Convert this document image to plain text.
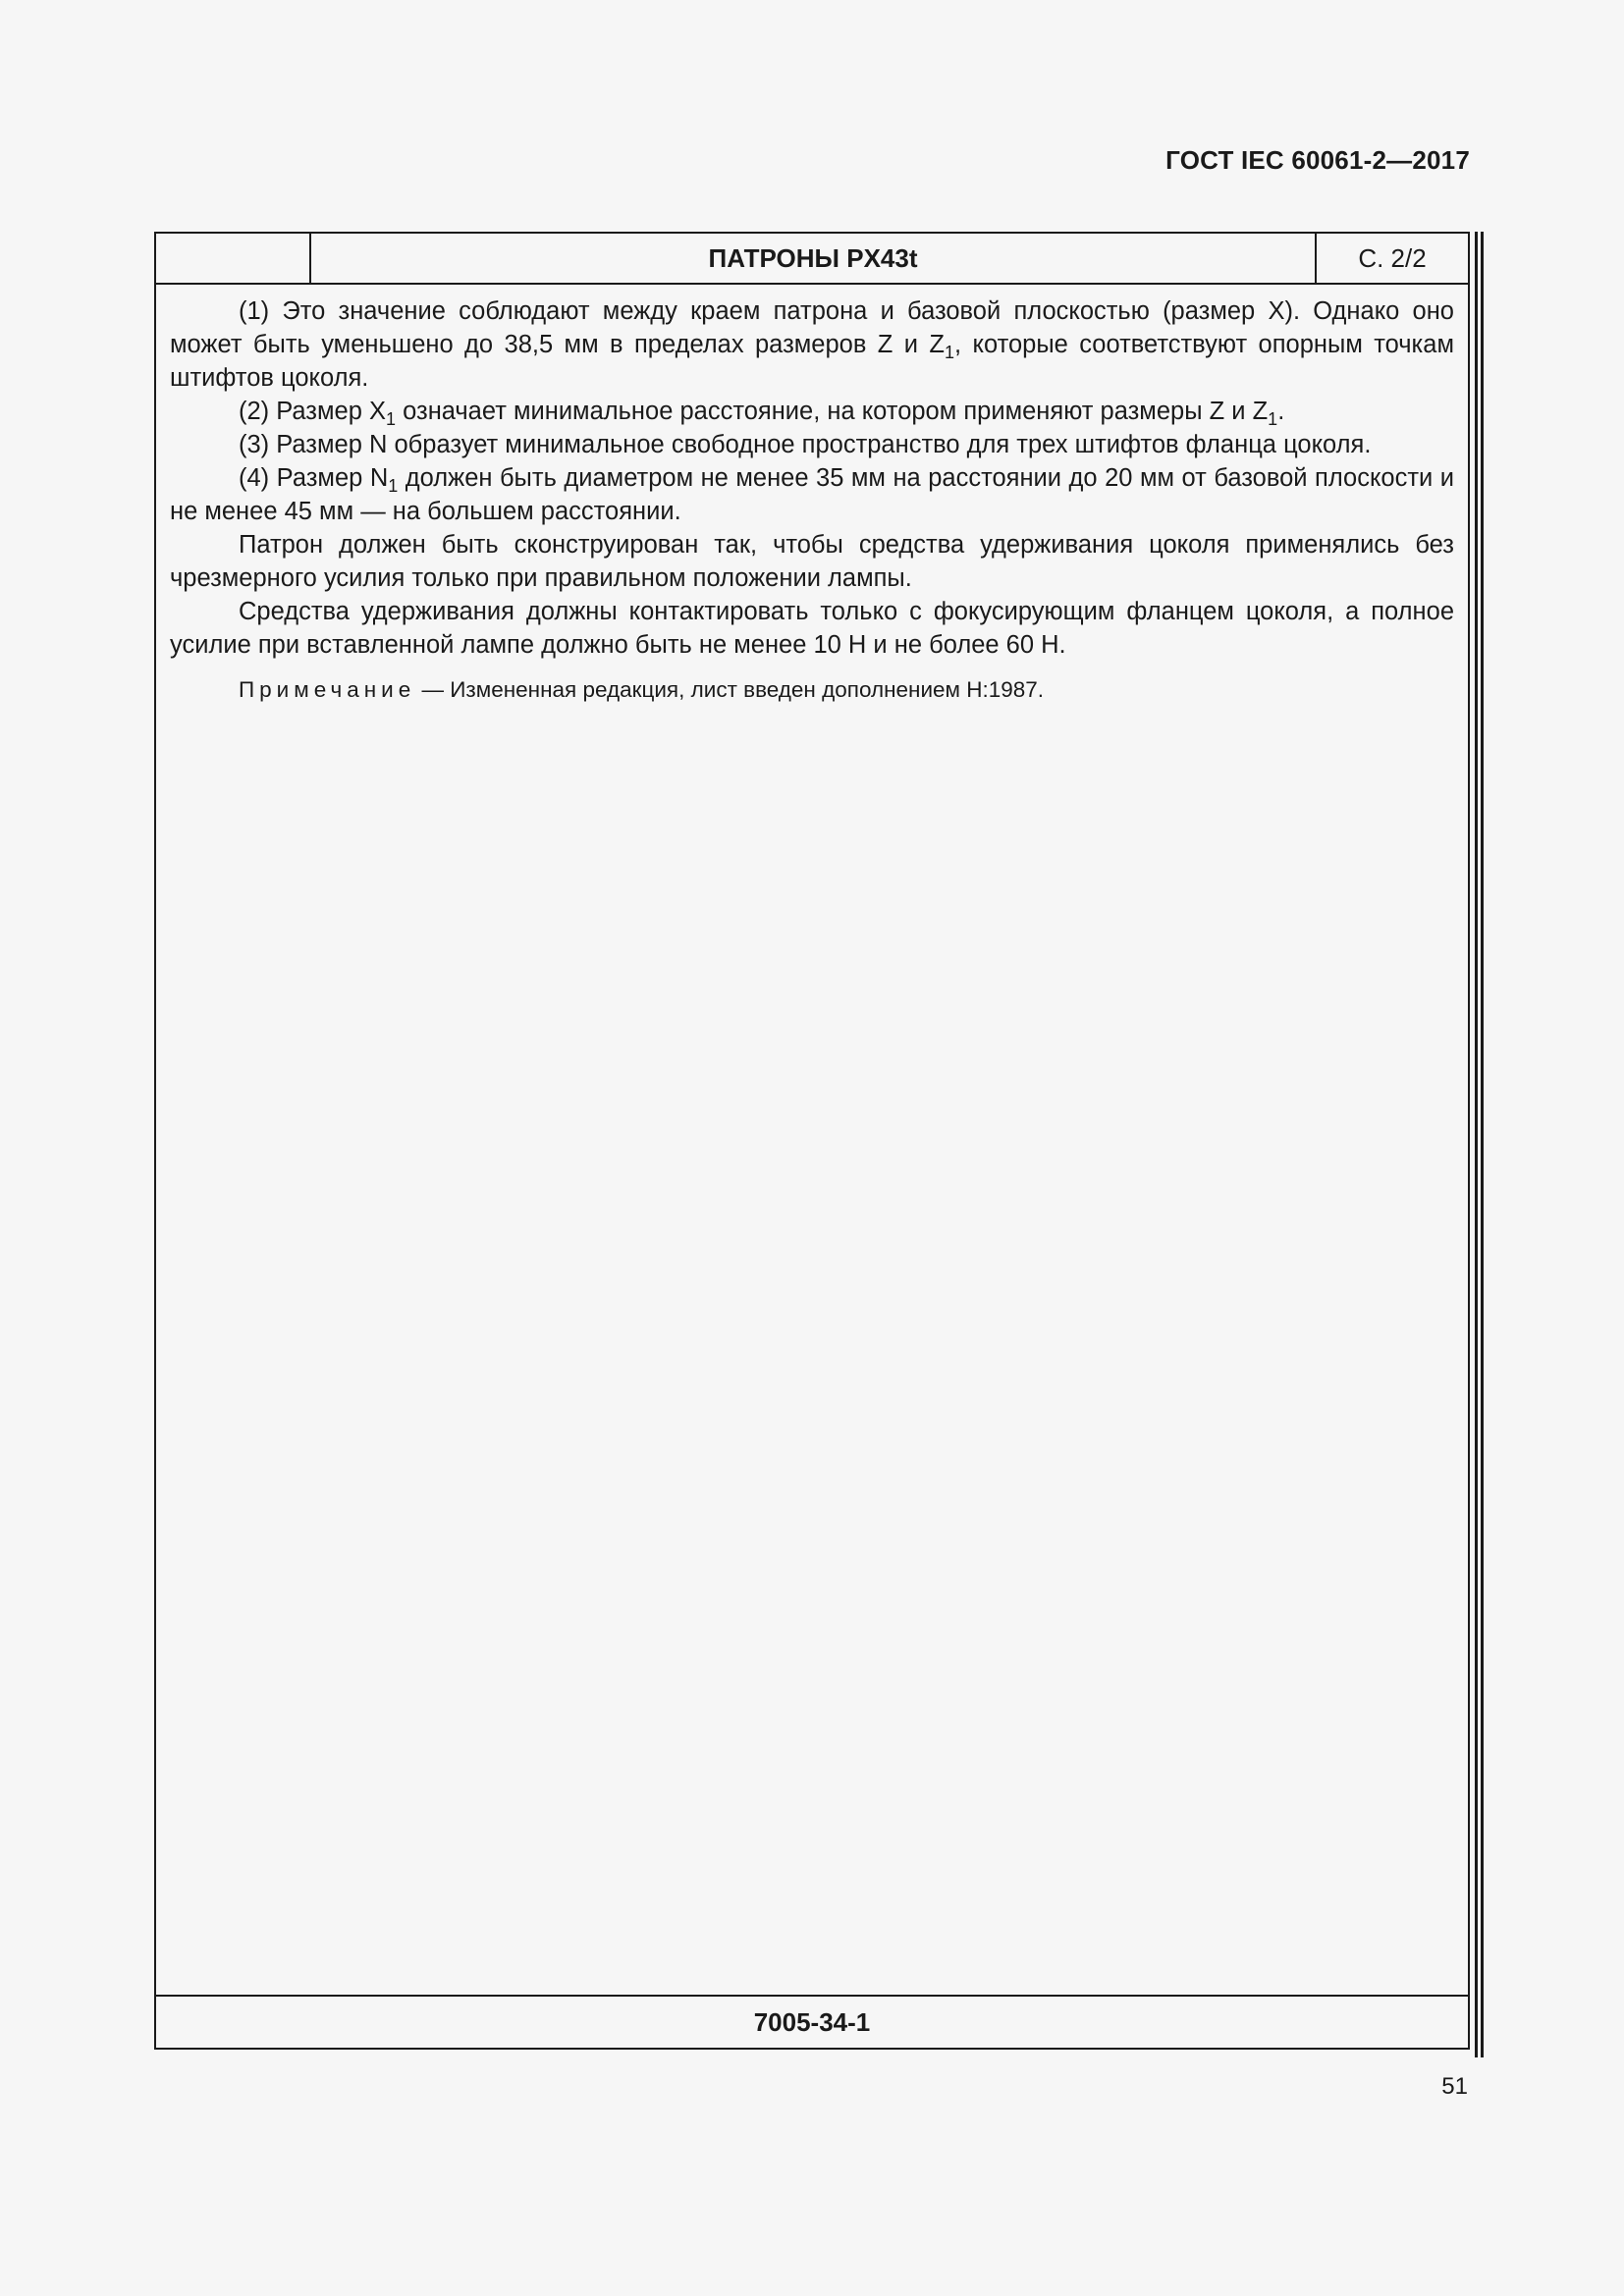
ГОСТ IEC 60061-2—2017
ПАТРОНЫ PX43t	С. 2/2

(1) Это значение соблюдают между краем патрона и базовой плоскостью (размер X). Однако оно может быть уменьшено до 38,5 мм в пределах размеров Z и $Z_1$, которые соответствуют опорным точкам штифтов цоколя.

(2) Размер $X_1$ означает минимальное расстояние, на котором применяют размеры Z и $Z_1$.

(3) Размер N образует минимальное свободное пространство для трех штифтов фланца цоколя.

(4) Размер $N_1$ должен быть диаметром не менее 35 мм на расстоянии до 20 мм от базовой плоскости и не менее 45 мм — на большем расстоянии.

Патрон должен быть сконструирован так, чтобы средства удерживания цоколя применялись без чрезмерного усилия только при правильном положении лампы.

Средства удерживания должны контактировать только с фокусирующим фланцем цоколя, а полное усилие при вставленной лампе должно быть не менее 10 Н и не более 60 Н.

Примечание — Измененная редакция, лист введен дополнением Н:1987.

7005-34-1
51
